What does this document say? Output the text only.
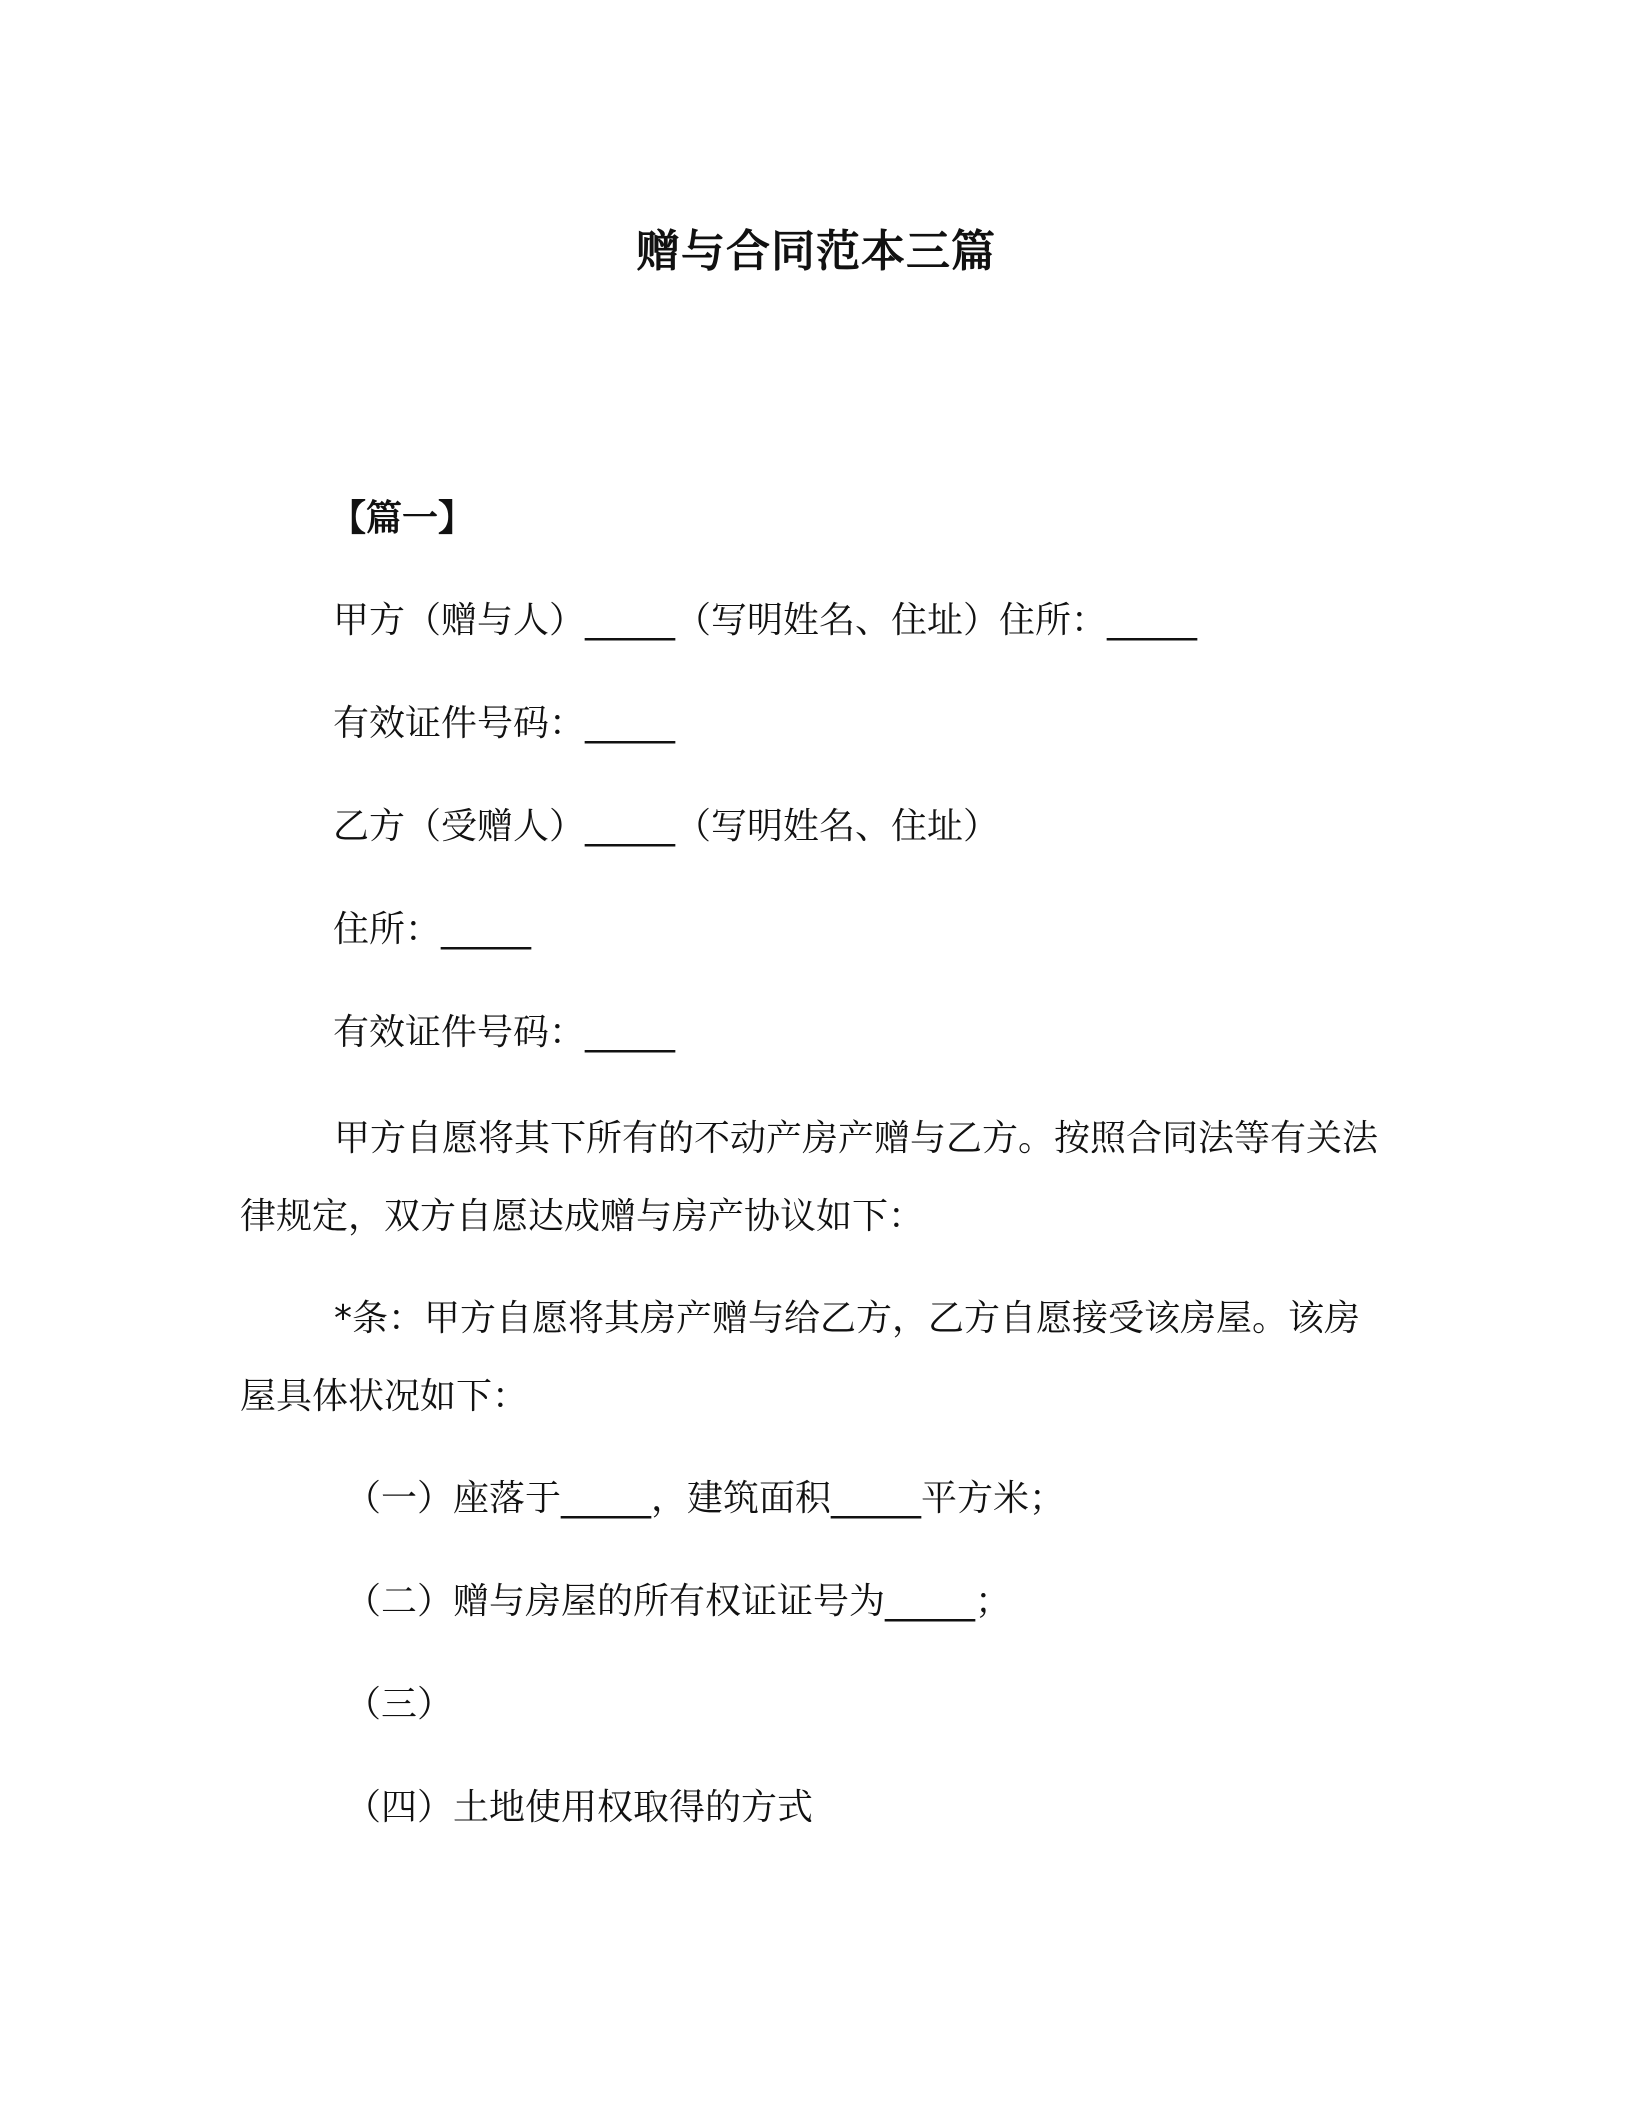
赠与合同范本三篇
【篇一】
甲方（赠与人）_____（写明姓名、住址）住所：_____
有效证件号码：_____
乙方（受赠人）_____（写明姓名、住址）
住所：_____
有效证件号码：_____
甲方自愿将其下所有的不动产房产赠与乙方。按照合同法等有关法律规定，双方自愿达成赠与房产协议如下：
*条：甲方自愿将其房产赠与给乙方，乙方自愿接受该房屋。该房屋具体状况如下：
（一）座落于_____，建筑面积_____平方米；
（二）赠与房屋的所有权证证号为_____；
（三）
（四）土地使用权取得的方式
